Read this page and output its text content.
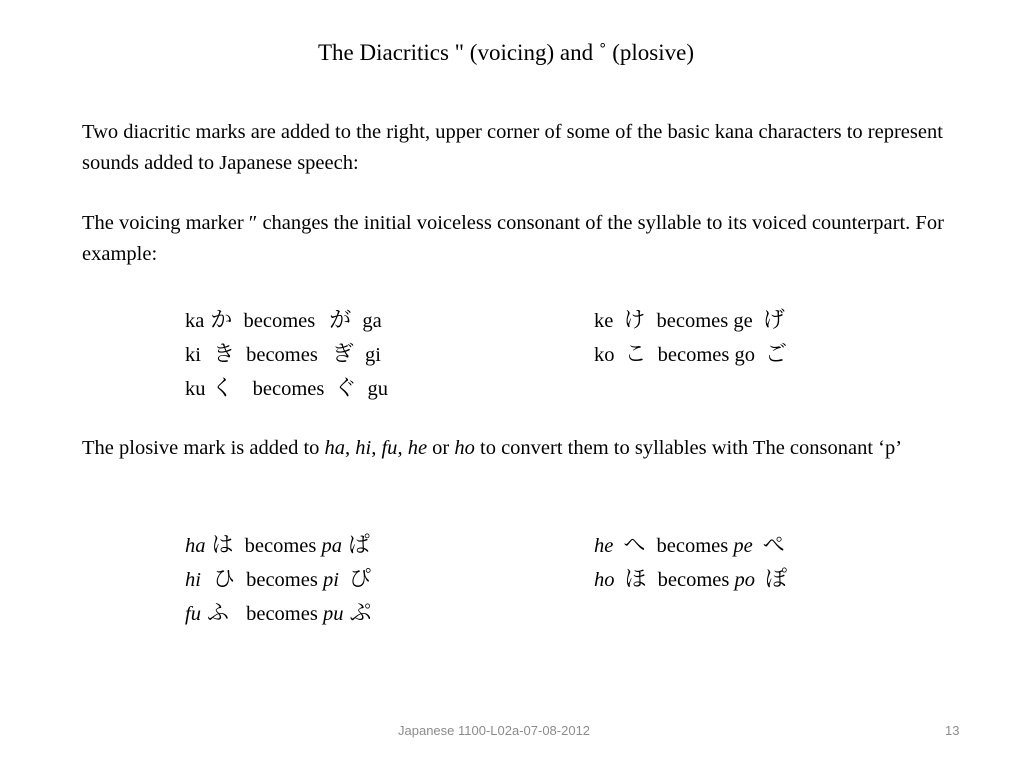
The Diacritics " (voicing) and ˚ (plosive)
Two diacritic marks are added to the right, upper corner of some of the basic kana characters to represent sounds added to Japanese speech:
The voicing marker ″ changes the initial voiceless consonant of the syllable to its voiced counterpart. For example:
ka か becomes が ga
ki き becomes ぎ gi
ku く becomes ぐ gu
ke け becomes ge げ
ko こ becomes go ご
The plosive mark is added to ha, hi, fu, he or ho to convert them to syllables with The consonant ‘p’
ha は becomes pa ぱ
hi ひ becomes pi ぴ
fu ふ becomes pu ぷ
he へ becomes pe ぺ
ho ほ becomes po ぽ
Japanese 1100-L02a-07-08-2012	13
